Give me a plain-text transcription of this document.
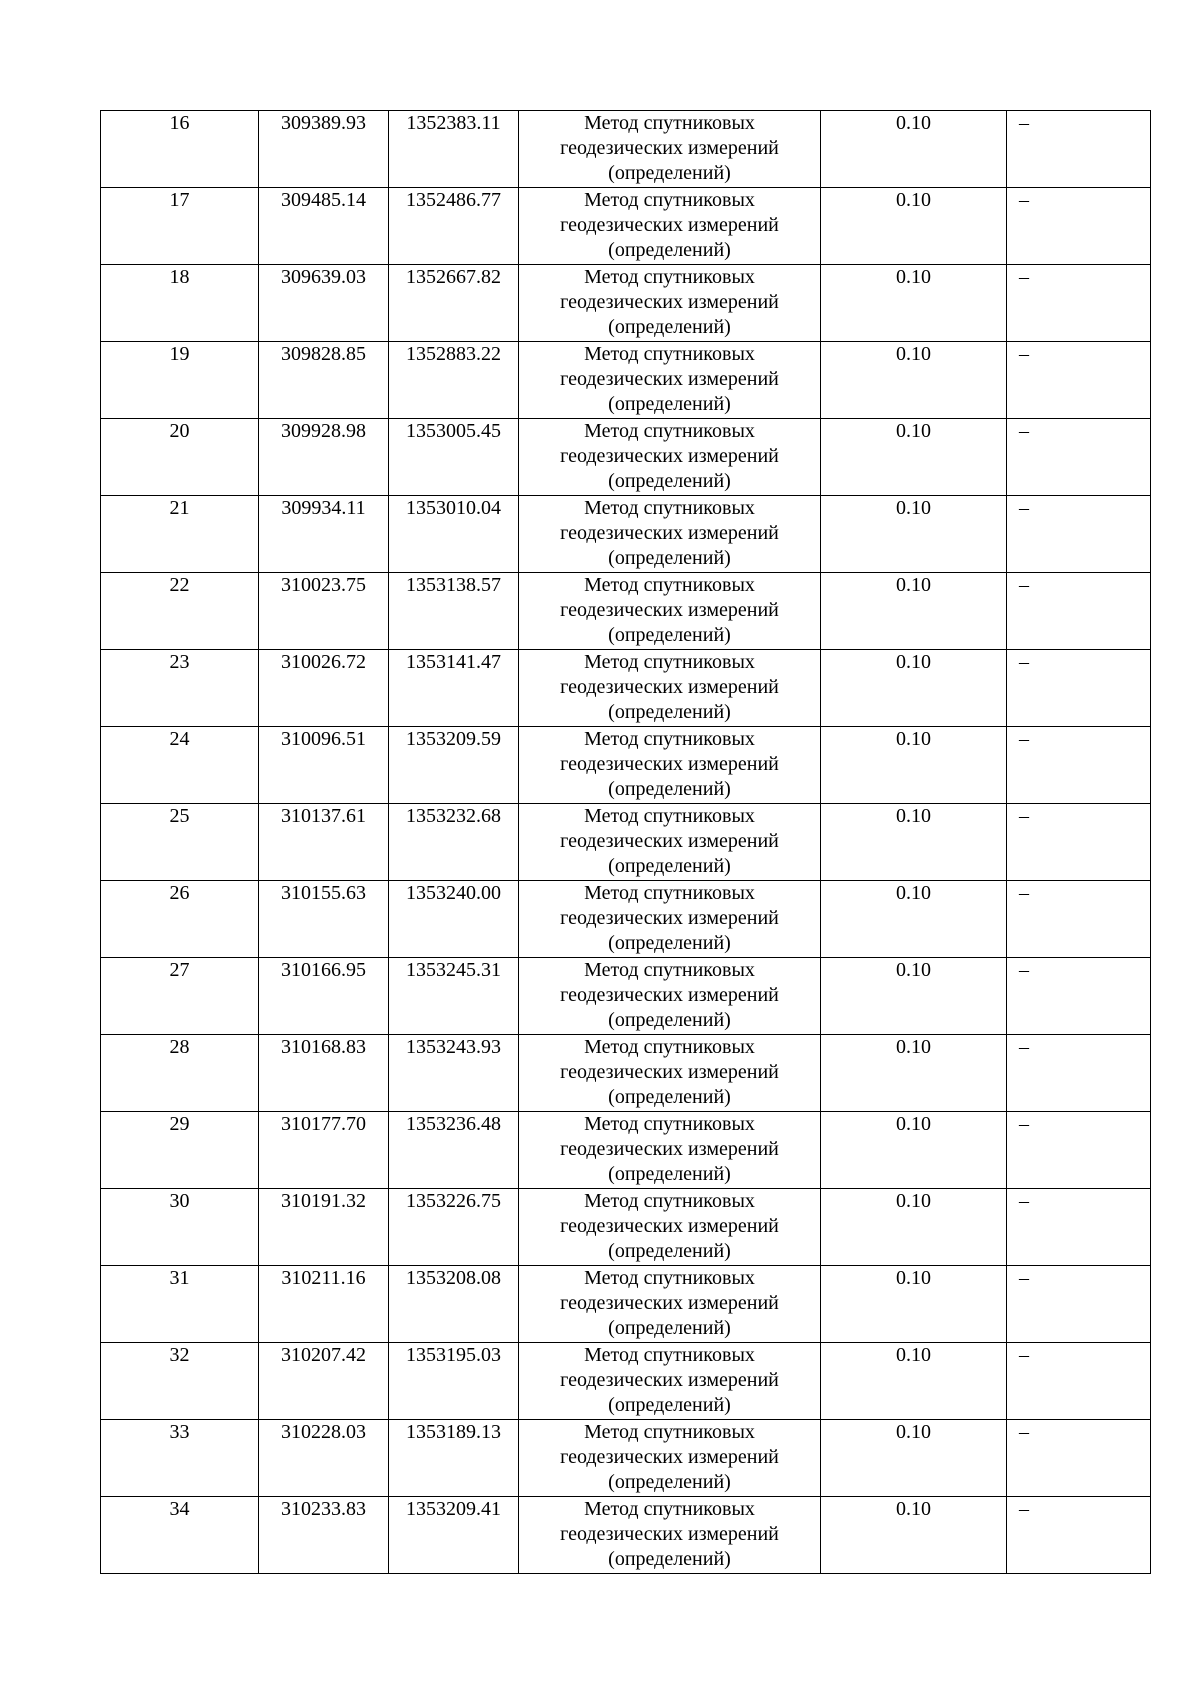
16	309389.93	1352383.11	Метод спутниковых
геодезических измерений
(определений)	0.10	–
17	309485.14	1352486.77	Метод спутниковых
геодезических измерений
(определений)	0.10	–
18	309639.03	1352667.82	Метод спутниковых
геодезических измерений
(определений)	0.10	–
19	309828.85	1352883.22	Метод спутниковых
геодезических измерений
(определений)	0.10	–
20	309928.98	1353005.45	Метод спутниковых
геодезических измерений
(определений)	0.10	–
21	309934.11	1353010.04	Метод спутниковых
геодезических измерений
(определений)	0.10	–
22	310023.75	1353138.57	Метод спутниковых
геодезических измерений
(определений)	0.10	–
23	310026.72	1353141.47	Метод спутниковых
геодезических измерений
(определений)	0.10	–
24	310096.51	1353209.59	Метод спутниковых
геодезических измерений
(определений)	0.10	–
25	310137.61	1353232.68	Метод спутниковых
геодезических измерений
(определений)	0.10	–
26	310155.63	1353240.00	Метод спутниковых
геодезических измерений
(определений)	0.10	–
27	310166.95	1353245.31	Метод спутниковых
геодезических измерений
(определений)	0.10	–
28	310168.83	1353243.93	Метод спутниковых
геодезических измерений
(определений)	0.10	–
29	310177.70	1353236.48	Метод спутниковых
геодезических измерений
(определений)	0.10	–
30	310191.32	1353226.75	Метод спутниковых
геодезических измерений
(определений)	0.10	–
31	310211.16	1353208.08	Метод спутниковых
геодезических измерений
(определений)	0.10	–
32	310207.42	1353195.03	Метод спутниковых
геодезических измерений
(определений)	0.10	–
33	310228.03	1353189.13	Метод спутниковых
геодезических измерений
(определений)	0.10	–
34	310233.83	1353209.41	Метод спутниковых
геодезических измерений
(определений)	0.10	–
